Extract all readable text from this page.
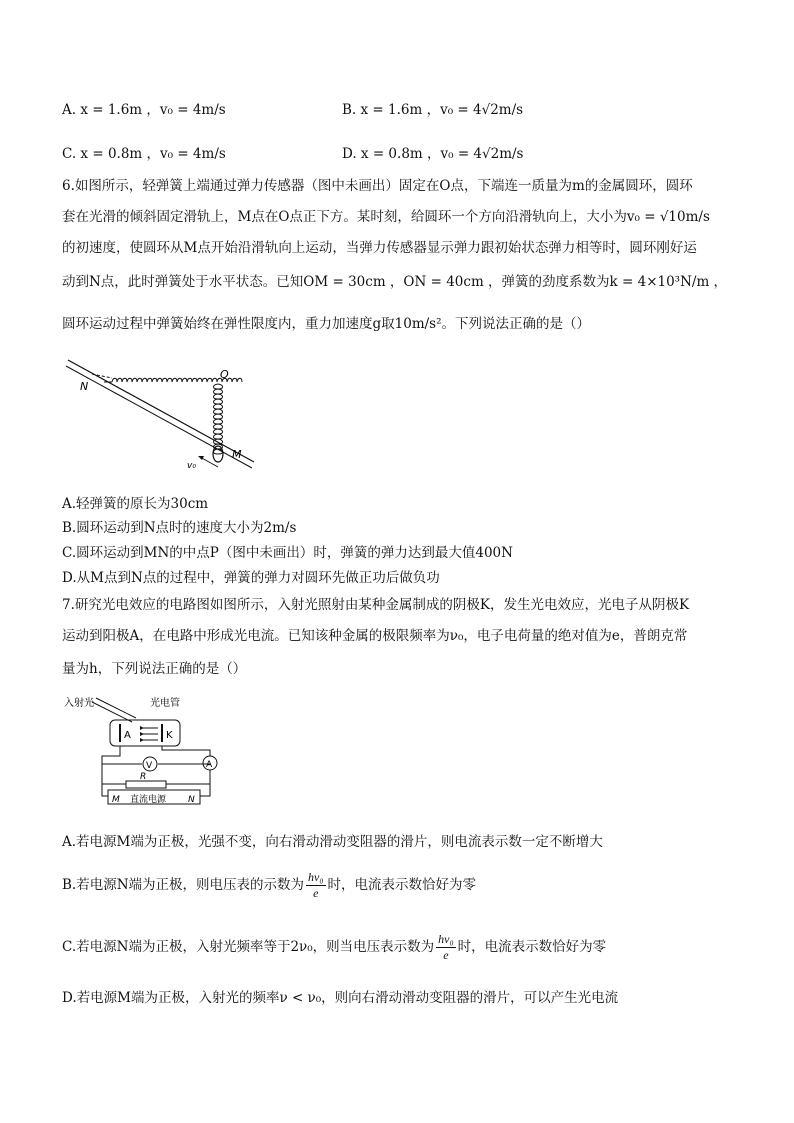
A. x = 1.6m ，v₀ = 4m/s	B. x = 1.6m ，v₀ = 4√2m/s
C. x = 0.8m ，v₀ = 4m/s	D. x = 0.8m ，v₀ = 4√2m/s
6.如图所示，轻弹簧上端通过弹力传感器（图中未画出）固定在O点，下端连一质量为m的金属圆环，圆环
套在光滑的倾斜固定滑轨上，M点在O点正下方。某时刻，给圆环一个方向沿滑轨向上，大小为v₀ = √10m/s
的初速度，使圆环从M点开始沿滑轨向上运动，当弹力传感器显示弹力跟初始状态弹力相等时，圆环刚好运
动到N点，此时弹簧处于水平状态。已知OM = 30cm ，ON = 40cm ，弹簧的劲度系数为k = 4×10³N/m ，
圆环运动过程中弹簧始终在弹性限度内，重力加速度g取10m/s²。下列说法正确的是（）
v₀
N
O
M
A.轻弹簧的原长为30cm
B.圆环运动到N点时的速度大小为2m/s
C.圆环运动到MN的中点P（图中未画出）时，弹簧的弹力达到最大值400N
D.从M点到N点的过程中，弹簧的弹力对圆环先做正功后做负功
7.研究光电效应的电路图如图所示，入射光照射由某种金属制成的阴极K，发生光电效应，光电子从阴极K
运动到阳极A，在电路中形成光电流。已知该种金属的极限频率为ν₀，电子电荷量的绝对值为e，普朗克常
量为h，下列说法正确的是（）
入射光	光电管
A	K
A
V
R
M 直流电源 N
A.若电源M端为正极，光强不变，向右滑动滑动变阻器的滑片，则电流表示数一定不断增大
B.若电源N端为正极，则电压表的示数为 $\frac{\text{hν₀}}{e}$ 时，电流表示数恰好为零
C.若电源N端为正极，入射光频率等于2ν₀，则当电压表示数为 $\frac{\text{hν₀}}{e}$ 时，电流表示数恰好为零
D.若电源M端为正极，入射光的频率ν < ν₀，则向右滑动滑动变阻器的滑片，可以产生光电流
